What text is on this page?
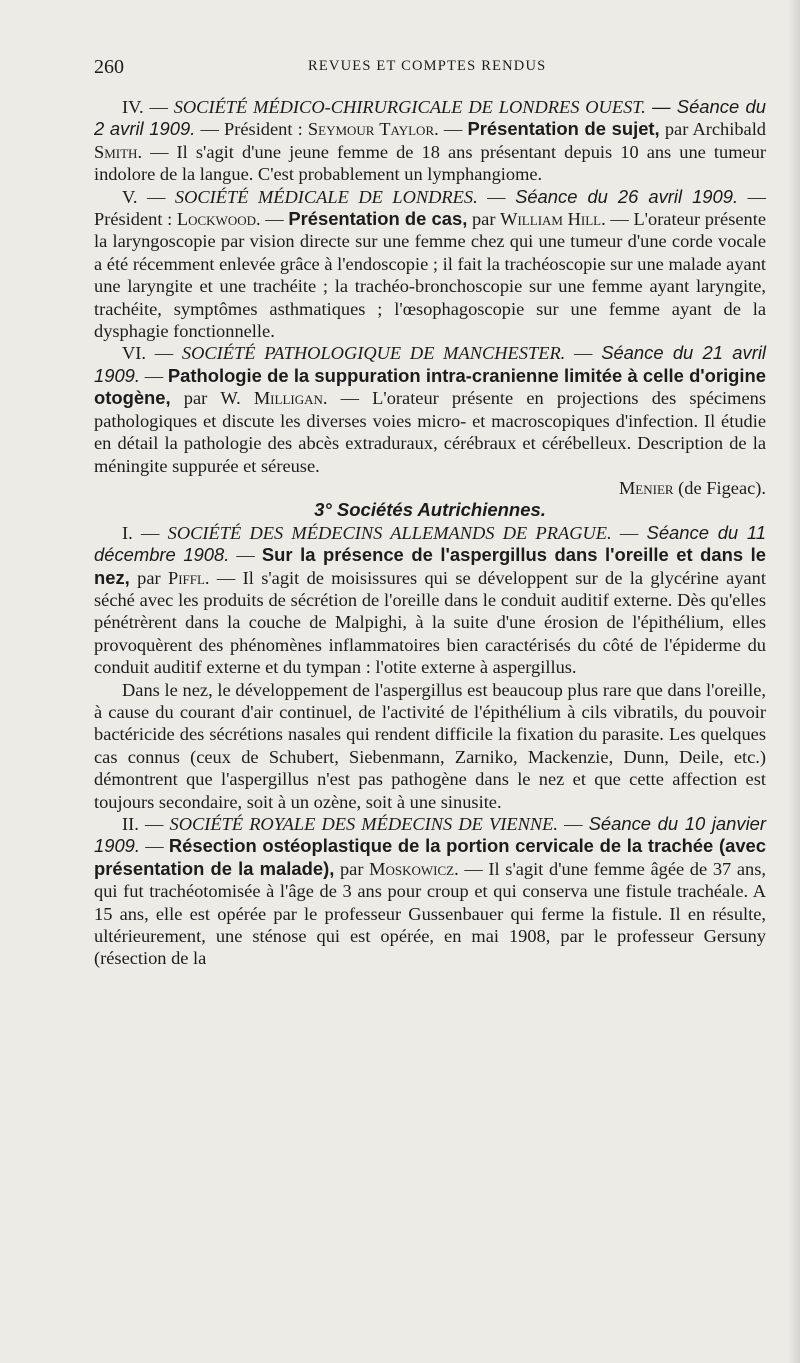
260	REVUES ET COMPTES RENDUS

IV. — SOCIÉTÉ MÉDICO-CHIRURGICALE DE LONDRES OUEST. — Séance du 2 avril 1909. — Président : Seymour Taylor. — Présentation de sujet, par Archibald Smith. — Il s'agit d'une jeune femme de 18 ans présentant depuis 10 ans une tumeur indolore de la langue. C'est probablement un lymphangiome.

V. — SOCIÉTÉ MÉDICALE DE LONDRES. — Séance du 26 avril 1909. — Président : Lockwood. — Présentation de cas, par William Hill. — L'orateur présente la laryngoscopie par vision directe sur une femme chez qui une tumeur d'une corde vocale a été récemment enlevée grâce à l'endoscopie ; il fait la trachéoscopie sur une malade ayant une laryngite et une trachéite ; la trachéo-bronchoscopie sur une femme ayant laryngite, trachéite, symptômes asthmatiques ; l'œsophagoscopie sur une femme ayant de la dysphagie fonctionnelle.

VI. — SOCIÉTÉ PATHOLOGIQUE DE MANCHESTER. — Séance du 21 avril 1909. — Pathologie de la suppuration intra-cranienne limitée à celle d'origine otogène, par W. Milligan. — L'orateur présente en projections des spécimens pathologiques et discute les diverses voies micro- et macroscopiques d'infection. Il étudie en détail la pathologie des abcès extraduraux, cérébraux et cérébelleux. Description de la méningite suppurée et séreuse.

Menier (de Figeac).

3° Sociétés Autrichiennes.

I. — SOCIÉTÉ DES MÉDECINS ALLEMANDS DE PRAGUE. — Séance du 11 décembre 1908. — Sur la présence de l'aspergillus dans l'oreille et dans le nez, par Piffl. — Il s'agit de moisissures qui se développent sur de la glycérine ayant séché avec les produits de sécrétion de l'oreille dans le conduit auditif externe. Dès qu'elles pénétrèrent dans la couche de Malpighi, à la suite d'une érosion de l'épithélium, elles provoquèrent des phénomènes inflammatoires bien caractérisés du côté de l'épiderme du conduit auditif externe et du tympan : l'otite externe à aspergillus.

Dans le nez, le développement de l'aspergillus est beaucoup plus rare que dans l'oreille, à cause du courant d'air continuel, de l'activité de l'épithélium à cils vibratils, du pouvoir bactéricide des sécrétions nasales qui rendent difficile la fixation du parasite. Les quelques cas connus (ceux de Schubert, Siebenmann, Zarniko, Mackenzie, Dunn, Deile, etc.) démontrent que l'aspergillus n'est pas pathogène dans le nez et que cette affection est toujours secondaire, soit à un ozène, soit à une sinusite.

II. — SOCIÉTÉ ROYALE DES MÉDECINS DE VIENNE. — Séance du 10 janvier 1909. — Résection ostéoplastique de la portion cervicale de la trachée (avec présentation de la malade), par Moskowicz. — Il s'agit d'une femme âgée de 37 ans, qui fut trachéotomisée à l'âge de 3 ans pour croup et qui conserva une fistule trachéale. A 15 ans, elle est opérée par le professeur Gussenbauer qui ferme la fistule. Il en résulte, ultérieurement, une sténose qui est opérée, en mai 1908, par le professeur Gersuny (résection de la
